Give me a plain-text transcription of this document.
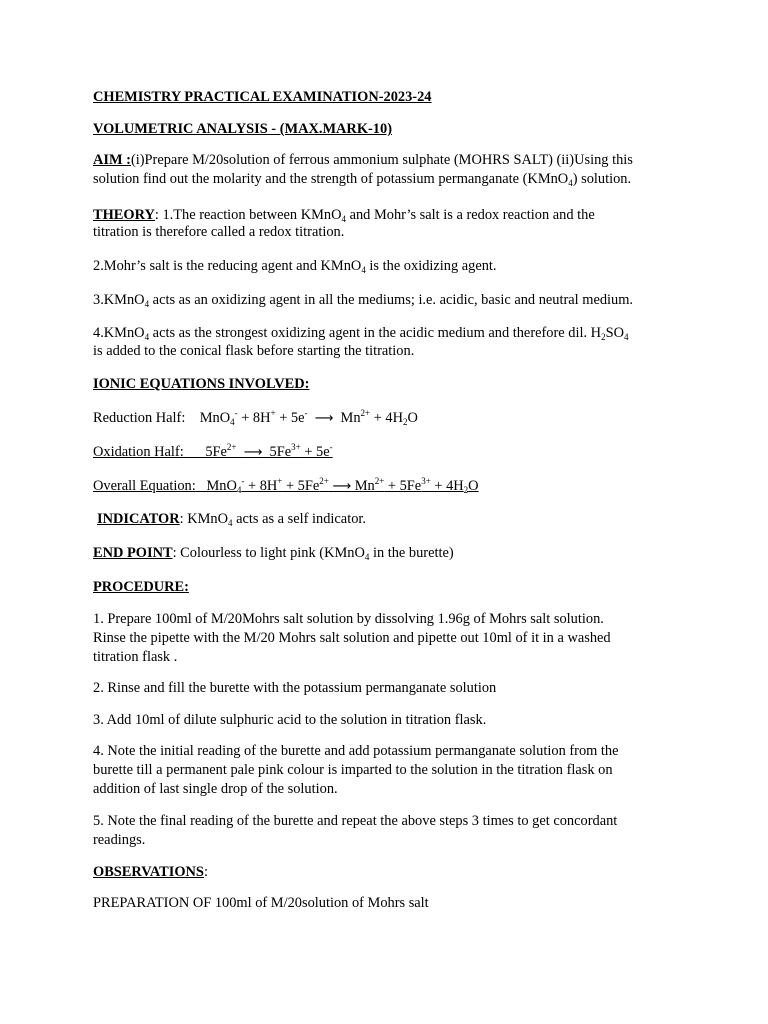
CHEMISTRY PRACTICAL EXAMINATION-2023-24
VOLUMETRIC ANALYSIS - (MAX.MARK-10)
AIM :(i)Prepare M/20solution of ferrous ammonium sulphate (MOHRS SALT) (ii)Using this
solution find out the molarity and the strength of potassium permanganate (KMnO$_4$) solution.
THEORY: 1.The reaction between KMnO$_4$ and Mohr’s salt is a redox reaction and the
titration is therefore called a redox titration.
2.Mohr’s salt is the reducing agent and KMnO$_4$ is the oxidizing agent.
3.KMnO$_4$ acts as an oxidizing agent in all the mediums; i.e. acidic, basic and neutral medium.
4.KMnO$_4$ acts as the strongest oxidizing agent in the acidic medium and therefore dil. $H_2SO_4$
is added to the conical flask before starting the titration.
IONIC EQUATIONS INVOLVED:
Reduction Half:    MnO$_4$- + 8H+ + 5e- ⟶  $Mn^{2+} + 4H_2O$
Oxidation Half:      $5Fe^{2+}$ ⟶  $5Fe^{3+} + 5e^-$
Overall Equation:   $MnO_4^- + 8H^+ + 5Fe^{2+}$ ⟶ $Mn^{2+} + 5Fe^{3+} + 4H_2O$
INDICATOR: KMnO$_4$ acts as a self indicator.
END POINT: Colourless to light pink (KMnO$_4$ in the burette)
PROCEDURE:
1. Prepare 100ml of M/20Mohrs salt solution by dissolving 1.96g of Mohrs salt solution.
Rinse the pipette with the M/20 Mohrs salt solution and pipette out 10ml of it in a washed
titration flask .
2. Rinse and fill the burette with the potassium permanganate solution
3. Add 10ml of dilute sulphuric acid to the solution in titration flask.
4. Note the initial reading of the burette and add potassium permanganate solution from the
burette till a permanent pale pink colour is imparted to the solution in the titration flask on
addition of last single drop of the solution.
5. Note the final reading of the burette and repeat the above steps 3 times to get concordant
readings.
OBSERVATIONS:
PREPARATION OF 100ml of M/20solution of Mohrs salt
